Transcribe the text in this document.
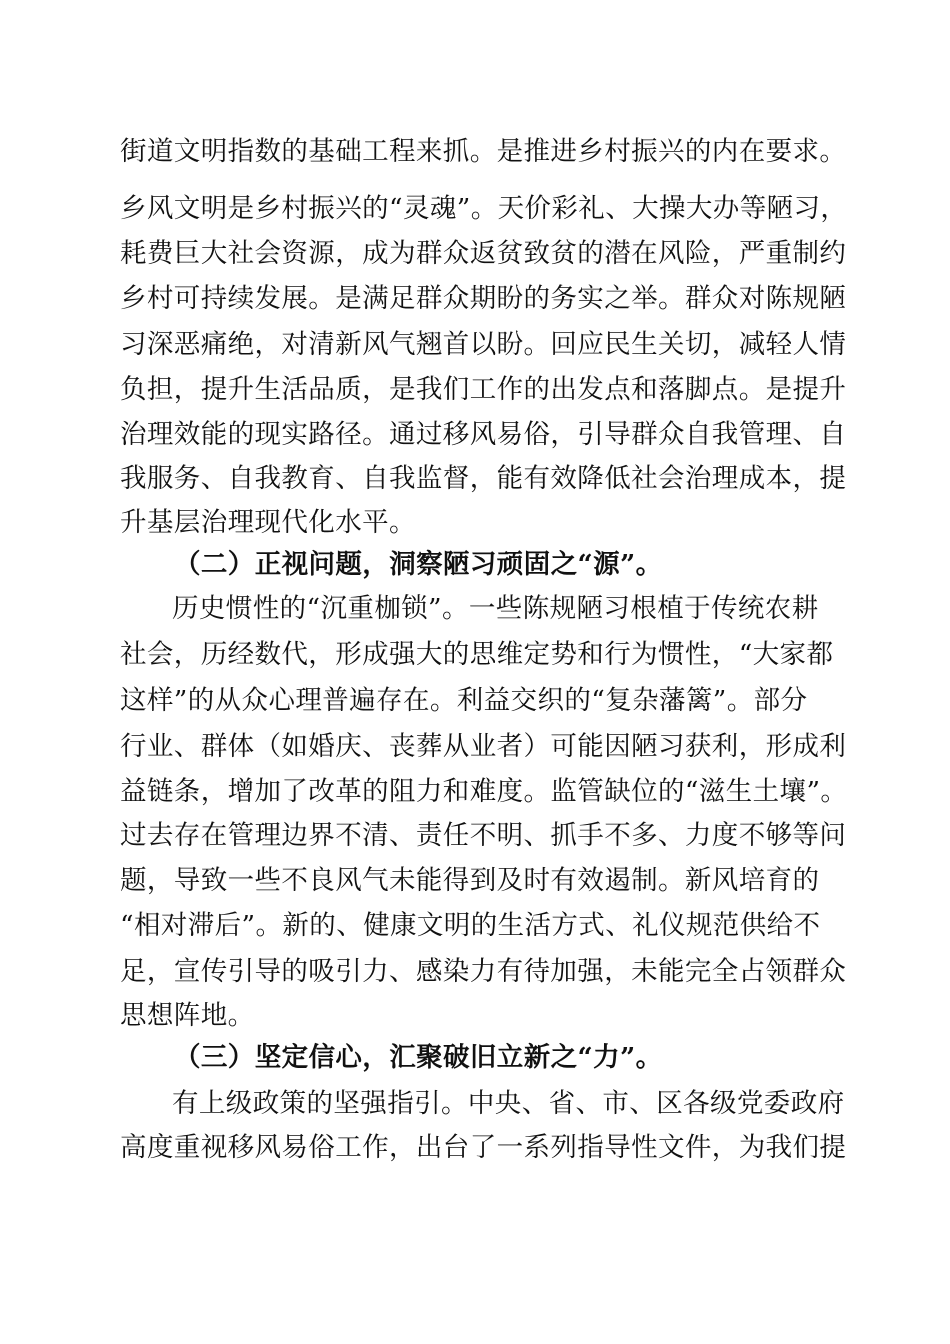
街道文明指数的基础工程来抓。是推进乡村振兴的内在要求。
乡风文明是乡村振兴的“灵魂”。天价彩礼、大操大办等陋习，
耗费巨大社会资源，成为群众返贫致贫的潜在风险，严重制约
乡村可持续发展。是满足群众期盼的务实之举。群众对陈规陋
习深恶痛绝，对清新风气翘首以盼。回应民生关切，减轻人情
负担，提升生活品质，是我们工作的出发点和落脚点。是提升
治理效能的现实路径。通过移风易俗，引导群众自我管理、自
我服务、自我教育、自我监督，能有效降低社会治理成本，提
升基层治理现代化水平。
（二）正视问题，洞察陋习顽固之“源”。
历史惯性的“沉重枷锁”。一些陈规陋习根植于传统农耕
社会，历经数代，形成强大的思维定势和行为惯性，“大家都
这样”的从众心理普遍存在。利益交织的“复杂藩篱”。部分
行业、群体（如婚庆、丧葬从业者）可能因陋习获利，形成利
益链条，增加了改革的阻力和难度。监管缺位的“滋生土壤”。
过去存在管理边界不清、责任不明、抓手不多、力度不够等问
题，导致一些不良风气未能得到及时有效遏制。新风培育的
“相对滞后”。新的、健康文明的生活方式、礼仪规范供给不
足，宣传引导的吸引力、感染力有待加强，未能完全占领群众
思想阵地。
（三）坚定信心，汇聚破旧立新之“力”。
有上级政策的坚强指引。中央、省、市、区各级党委政府
高度重视移风易俗工作，出台了一系列指导性文件，为我们提
